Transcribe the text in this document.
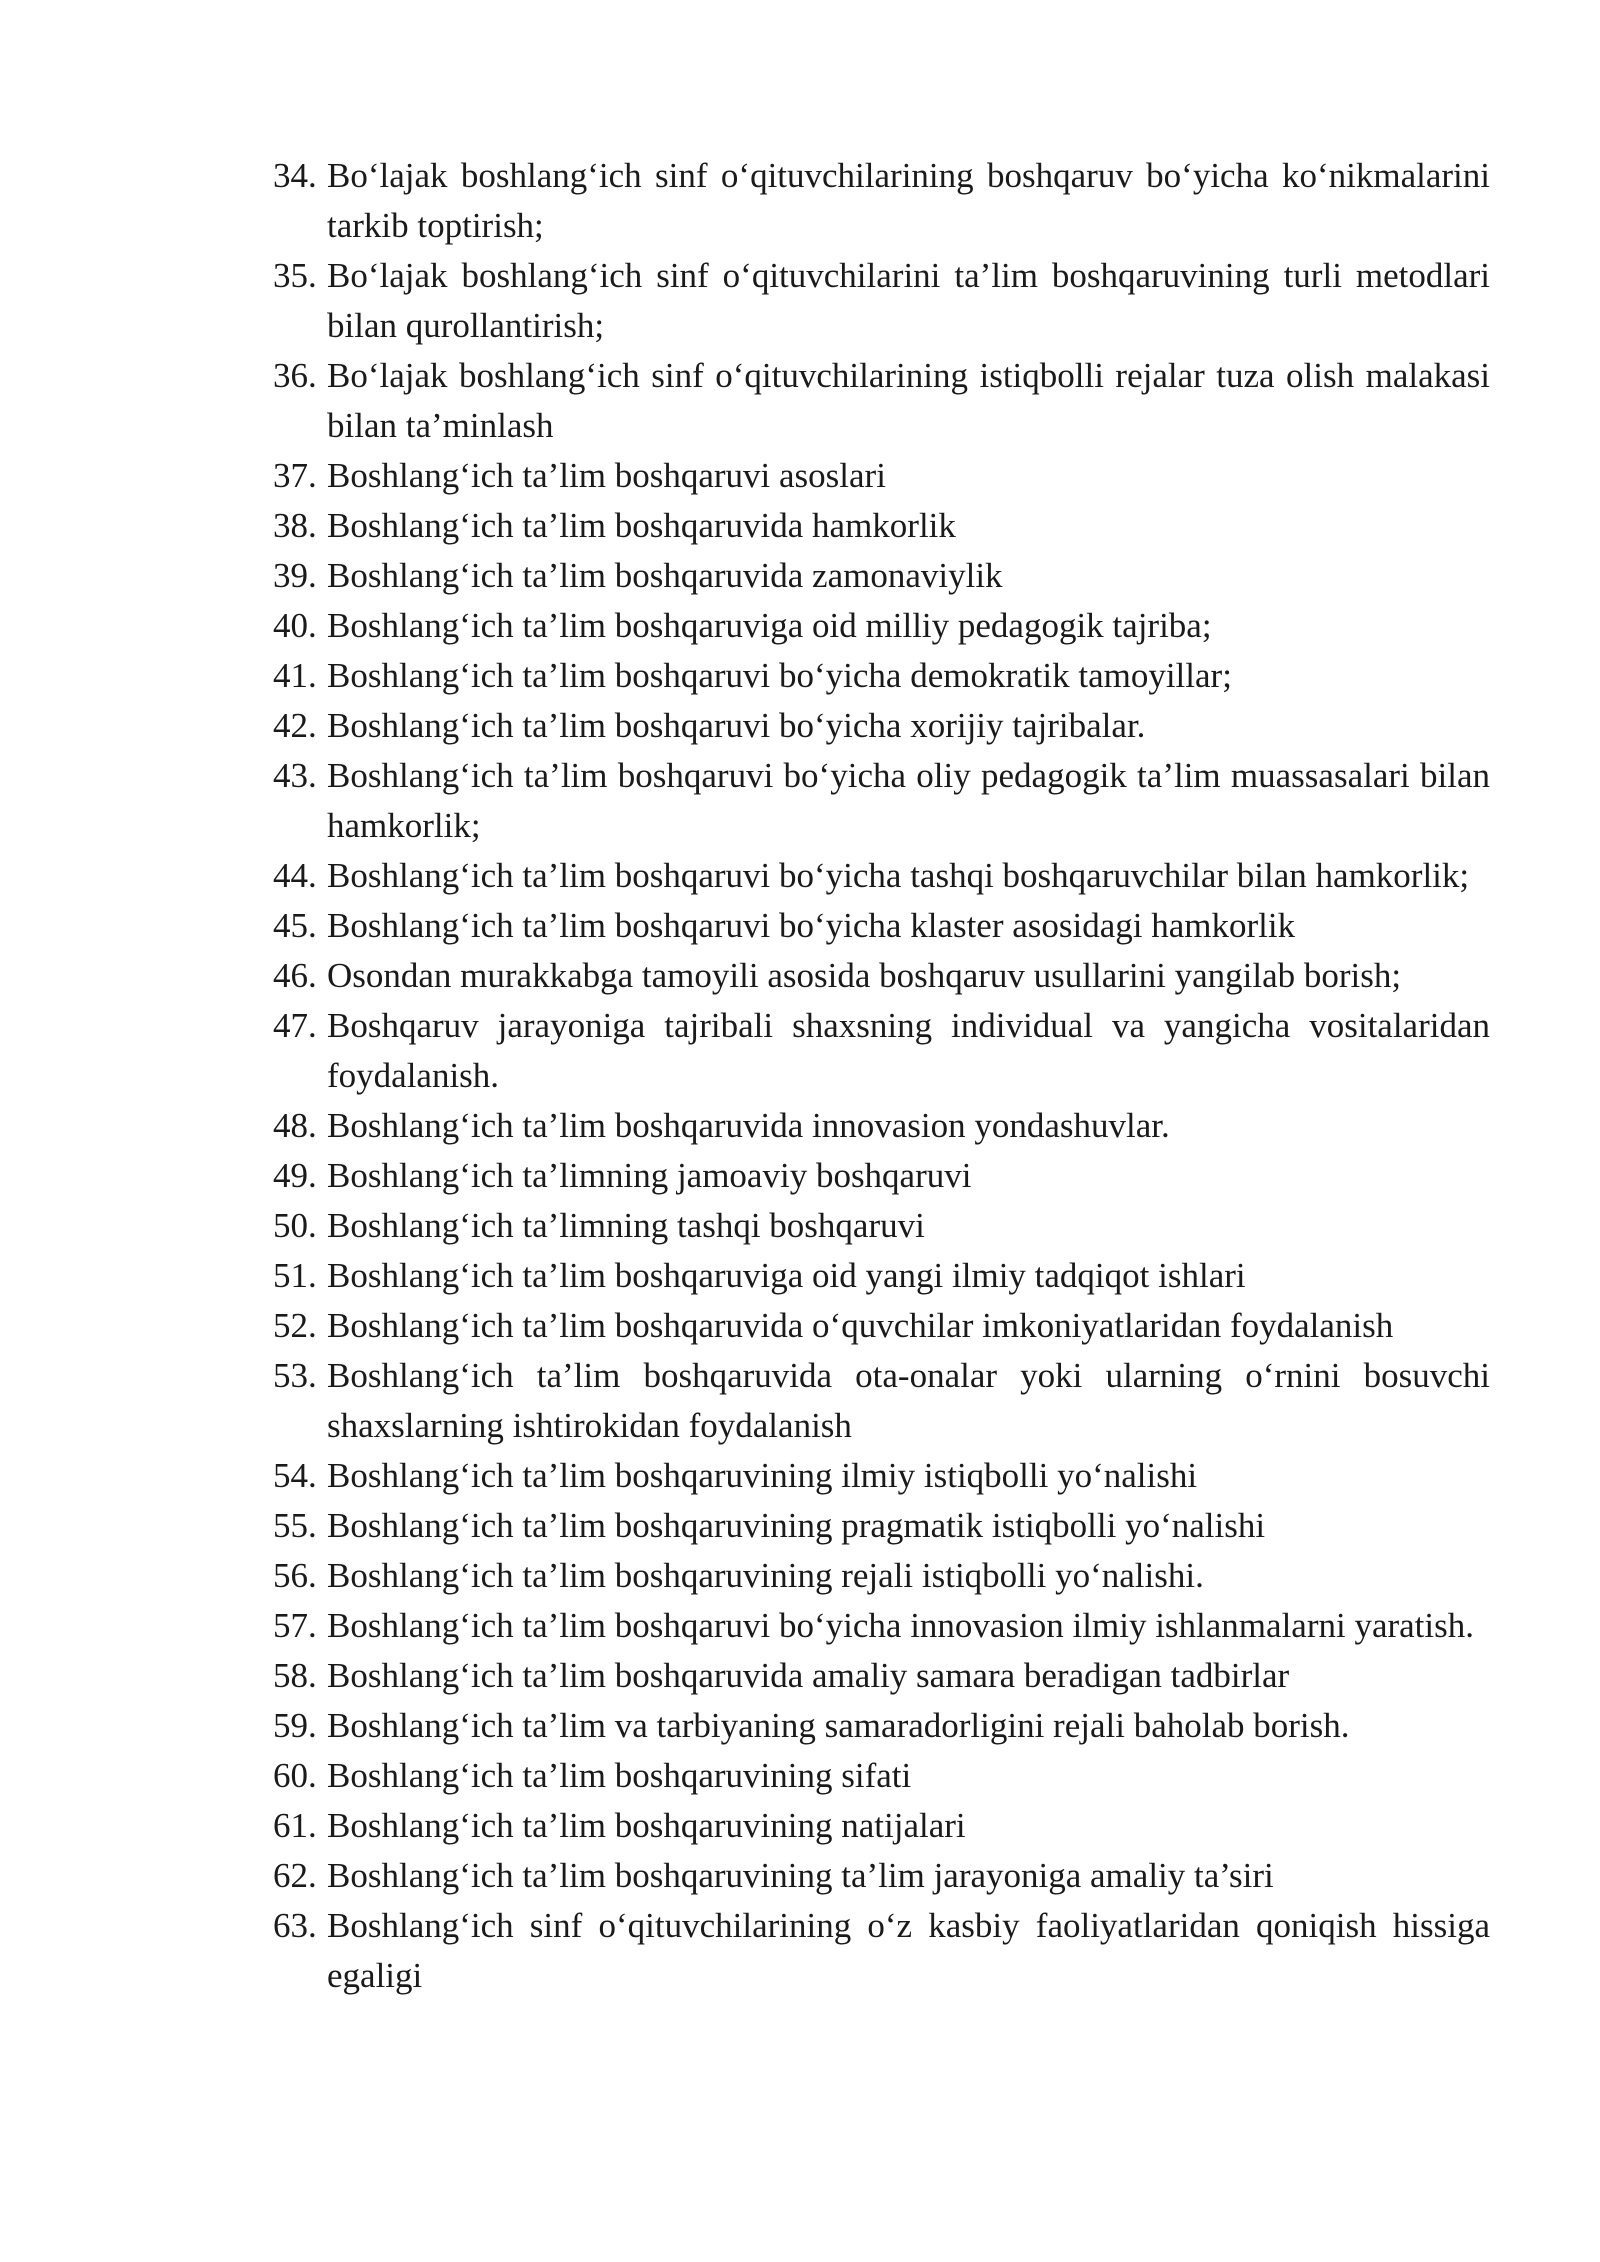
34. Bo‘lajak boshlang‘ich sinf o‘qituvchilarining boshqaruv bo‘yicha ko‘nikmalarini tarkib toptirish;
35. Bo‘lajak boshlang‘ich sinf o‘qituvchilarini ta’lim boshqaruvining turli metodlari bilan qurollantirish;
36. Bo‘lajak boshlang‘ich sinf o‘qituvchilarining istiqbolli rejalar tuza olish malakasi bilan ta’minlash
37. Boshlang‘ich ta’lim boshqaruvi asoslari
38. Boshlang‘ich ta’lim boshqaruvida hamkorlik
39. Boshlang‘ich ta’lim boshqaruvida zamonaviylik
40. Boshlang‘ich ta’lim boshqaruviga oid milliy pedagogik tajriba;
41. Boshlang‘ich ta’lim boshqaruvi bo‘yicha demokratik tamoyillar;
42. Boshlang‘ich ta’lim boshqaruvi bo‘yicha xorijiy tajribalar.
43. Boshlang‘ich ta’lim boshqaruvi bo‘yicha oliy pedagogik ta’lim muassasalari bilan hamkorlik;
44. Boshlang‘ich ta’lim boshqaruvi bo‘yicha tashqi boshqaruvchilar bilan hamkorlik;
45. Boshlang‘ich ta’lim boshqaruvi bo‘yicha klaster asosidagi hamkorlik
46. Osondan murakkabga tamoyili asosida boshqaruv usullarini yangilab borish;
47. Boshqaruv jarayoniga tajribali shaxsning individual va yangicha vositalaridan foydalanish.
48. Boshlang‘ich ta’lim boshqaruvida innovasion yondashuvlar.
49. Boshlang‘ich ta’limning jamoaviy boshqaruvi
50. Boshlang‘ich ta’limning tashqi boshqaruvi
51. Boshlang‘ich ta’lim boshqaruviga oid yangi ilmiy tadqiqot ishlari
52. Boshlang‘ich ta’lim boshqaruvida o‘quvchilar imkoniyatlaridan foydalanish
53. Boshlang‘ich ta’lim boshqaruvida ota-onalar yoki ularning o‘rnini bosuvchi shaxslarning ishtirokidan foydalanish
54. Boshlang‘ich ta’lim boshqaruvining ilmiy istiqbolli yo‘nalishi
55. Boshlang‘ich ta’lim boshqaruvining pragmatik istiqbolli yo‘nalishi
56. Boshlang‘ich ta’lim boshqaruvining rejali istiqbolli yo‘nalishi.
57. Boshlang‘ich ta’lim boshqaruvi bo‘yicha innovasion ilmiy ishlanmalarni yaratish.
58. Boshlang‘ich ta’lim boshqaruvida amaliy samara beradigan tadbirlar
59. Boshlang‘ich ta’lim va tarbiyaning samaradorligini rejali baholab borish.
60. Boshlang‘ich ta’lim boshqaruvining sifati
61. Boshlang‘ich ta’lim boshqaruvining natijalari
62. Boshlang‘ich ta’lim boshqaruvining ta’lim jarayoniga amaliy ta’siri
63. Boshlang‘ich sinf o‘qituvchilarining o‘z kasbiy faoliyatlaridan qoniqish hissiga egaligi
